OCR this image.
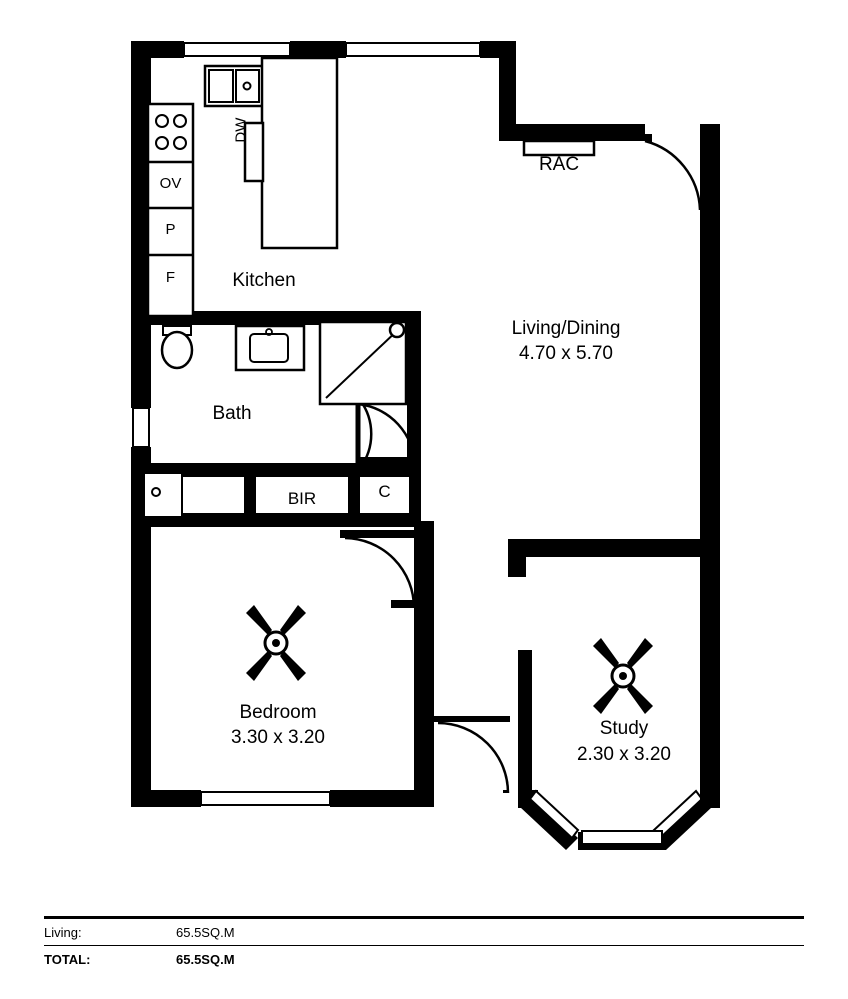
Kitchen
Living/Dining
4.70 x 5.70
Bath
Bedroom
3.30 x 3.20	Study
2.30 x 3.20
RAC
DW
OV
P
F
BIR	C
Living:	65.5SQ.M
TOTAL:	65.5SQ.M
